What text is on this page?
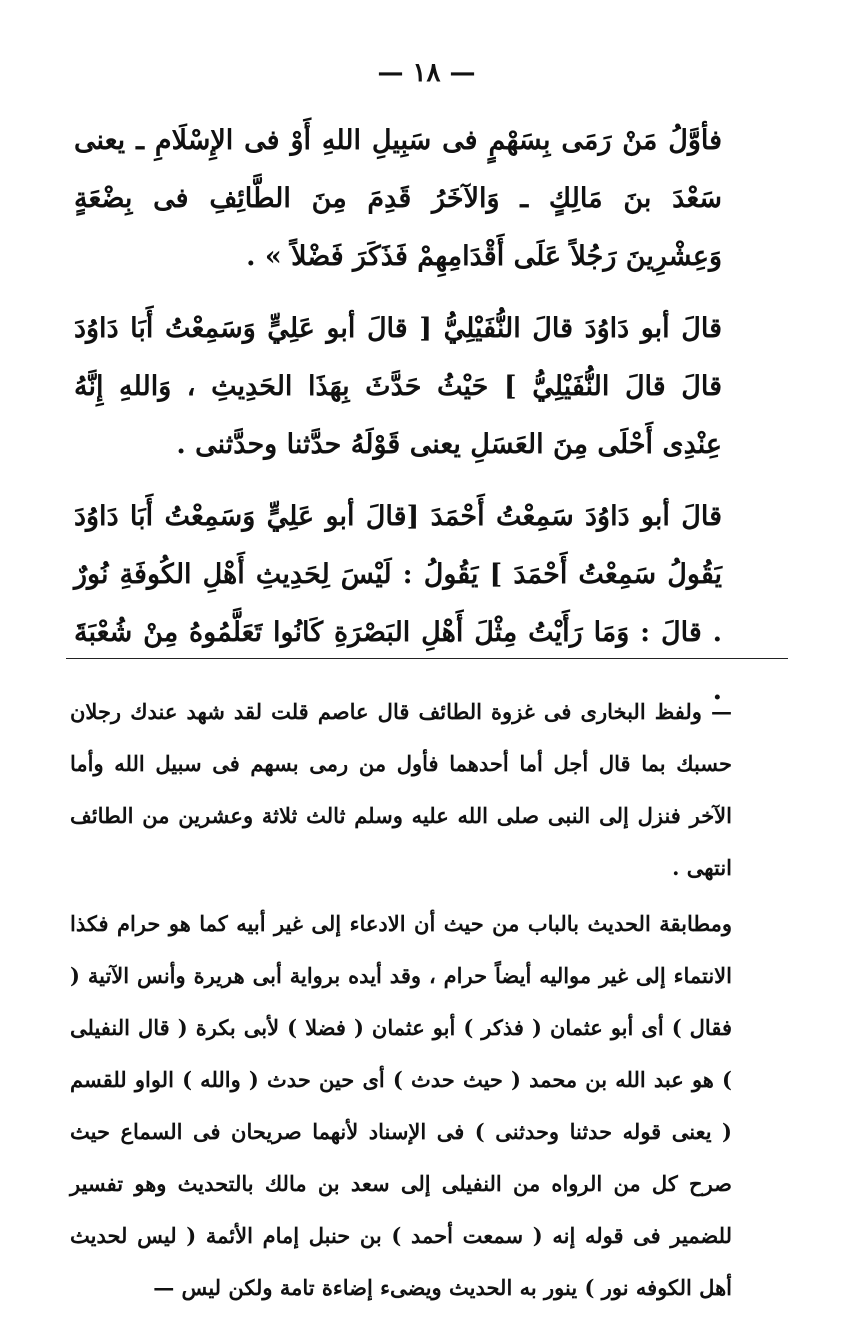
— ١٨ —

فأوَّلُ مَنْ رَمَى بِسَهْمٍ فى سَبِيلِ اللهِ أَوْ فى الإِسْلَامِ ـ يعنى سَعْدَ بنَ مَالِكٍ ـ وَالآخَرُ قَدِمَ مِنَ الطَّائِفِ فى بِضْعَةٍ وَعِشْرِينَ رَجُلاً عَلَى أَقْدَامِهِمْ فَذَكَرَ فَضْلاً » .

قالَ أبو دَاوُدَ قالَ النُّفَيْلِيُّ [ قالَ أبو عَلِيٍّ وَسَمِعْتُ أَبَا دَاوُدَ قالَ قالَ النُّفَيْلِيُّ ] حَيْثُ حَدَّثَ بِهَذَا الحَدِيثِ ، وَاللهِ إِنَّهُ عِنْدِى أَحْلَى مِنَ العَسَلِ يعنى قَوْلَهُ حدَّثنا وحدَّثنى .

قالَ أبو دَاوُدَ سَمِعْتُ أَحْمَدَ [قالَ أبو عَلِيٍّ وَسَمِعْتُ أَبَا دَاوُدَ يَقُولُ سَمِعْتُ أَحْمَدَ ] يَقُولُ : لَيْسَ لِحَدِيثِ أَهْلِ الكُوفَةِ نُورٌ . قالَ : وَمَا رَأَيْتُ مِثْلَ أَهْلِ البَصْرَةِ كَانُوا تَعَلَّمُوهُ مِنْ شُعْبَةَ .

— ولفظ البخارى فى غزوة الطائف قال عاصم قلت لقد شهد عندك رجلان حسبك بما قال أجل أما أحدهما فأول من رمى بسهم فى سبيل الله وأما الآخر فنزل إلى النبى صلى الله عليه وسلم ثالث ثلاثة وعشرين من الطائف انتهى .

ومطابقة الحديث بالباب من حيث أن الادعاء إلى غير أبيه كما هو حرام فكذا الانتماء إلى غير مواليه أيضاً حرام ، وقد أيده برواية أبى هريرة وأنس الآتية ( فقال ) أى أبو عثمان ( فذكر ) أبو عثمان ( فضلا ) لأبى بكرة ( قال النفيلى ) هو عبد الله بن محمد ( حيث حدث ) أى حين حدث ( والله ) الواو للقسم ( يعنى قوله حدثنا وحدثنى ) فى الإسناد لأنهما صريحان فى السماع حيث صرح كل من الرواه من النفيلى إلى سعد بن مالك بالتحديث وهو تفسير للضمير فى قوله إنه ( سمعت أحمد ) بن حنبل إمام الأئمة ( ليس لحديث أهل الكوفه نور ) ينور به الحديث ويضىء إضاءة تامة ولكن ليس —
